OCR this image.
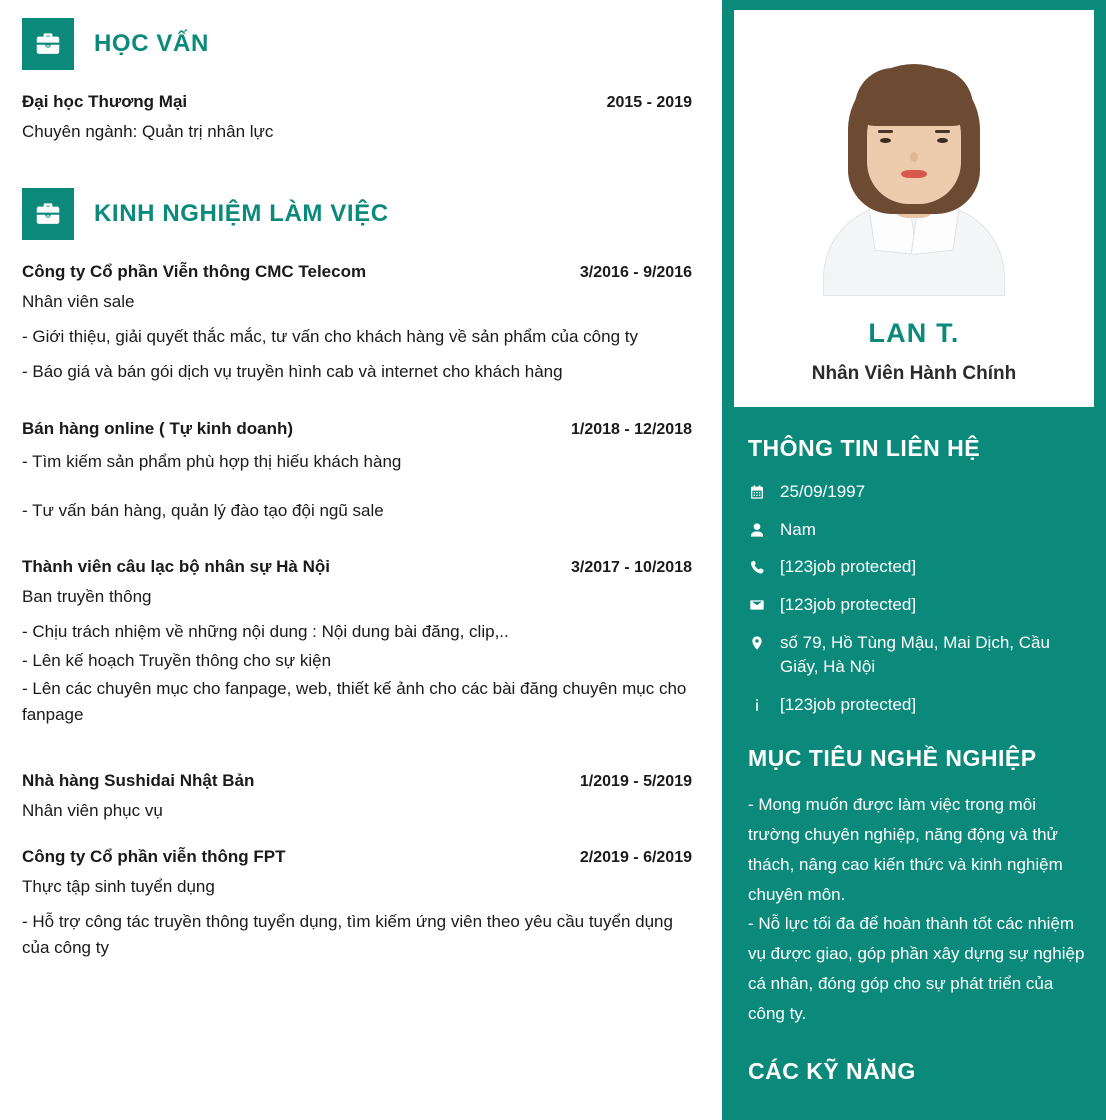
HỌC VẤN
Đại học Thương Mại	2015 - 2019
Chuyên ngành: Quản trị nhân lực
KINH NGHIỆM LÀM VIỆC
Công ty Cổ phần Viễn thông CMC Telecom	3/2016 - 9/2016
Nhân viên sale
- Giới thiệu, giải quyết thắc mắc, tư vấn cho khách hàng về sản phẩm của công ty
- Báo giá và bán gói dịch vụ truyền hình cab và internet cho khách hàng
Bán hàng online ( Tự kinh doanh)	1/2018 - 12/2018
- Tìm kiếm sản phẩm phù hợp thị hiếu khách hàng
- Tư vấn bán hàng, quản lý đào tạo đội ngũ sale
Thành viên câu lạc bộ nhân sự Hà Nội	3/2017 - 10/2018
Ban truyền thông
- Chịu trách nhiệm về những nội dung : Nội dung bài đăng, clip,..
- Lên kế hoạch Truyền thông cho sự kiện
- Lên các chuyên mục cho fanpage, web, thiết kế ảnh cho các bài đăng chuyên mục cho fanpage
Nhà hàng Sushidai Nhật Bản	1/2019 - 5/2019
Nhân viên phục vụ
Công ty Cổ phần viễn thông FPT	2/2019 - 6/2019
Thực tập sinh tuyển dụng
- Hỗ trợ công tác truyền thông tuyển dụng, tìm kiếm ứng viên theo yêu cầu tuyển dụng của công ty
LAN T.
Nhân Viên Hành Chính
THÔNG TIN LIÊN HỆ
25/09/1997
Nam
[123job protected]
[123job protected]
số 79, Hồ Tùng Mậu, Mai Dịch, Cầu Giấy, Hà Nội
[123job protected]
MỤC TIÊU NGHỀ NGHIỆP
- Mong muốn được làm việc trong môi trường chuyên nghiệp, năng động và thử thách, nâng cao kiến thức và kinh nghiệm chuyên môn.
- Nỗ lực tối đa để hoàn thành tốt các nhiệm vụ được giao, góp phần xây dựng sự nghiệp cá nhân, đóng góp cho sự phát triển của công ty.
CÁC KỸ NĂNG
